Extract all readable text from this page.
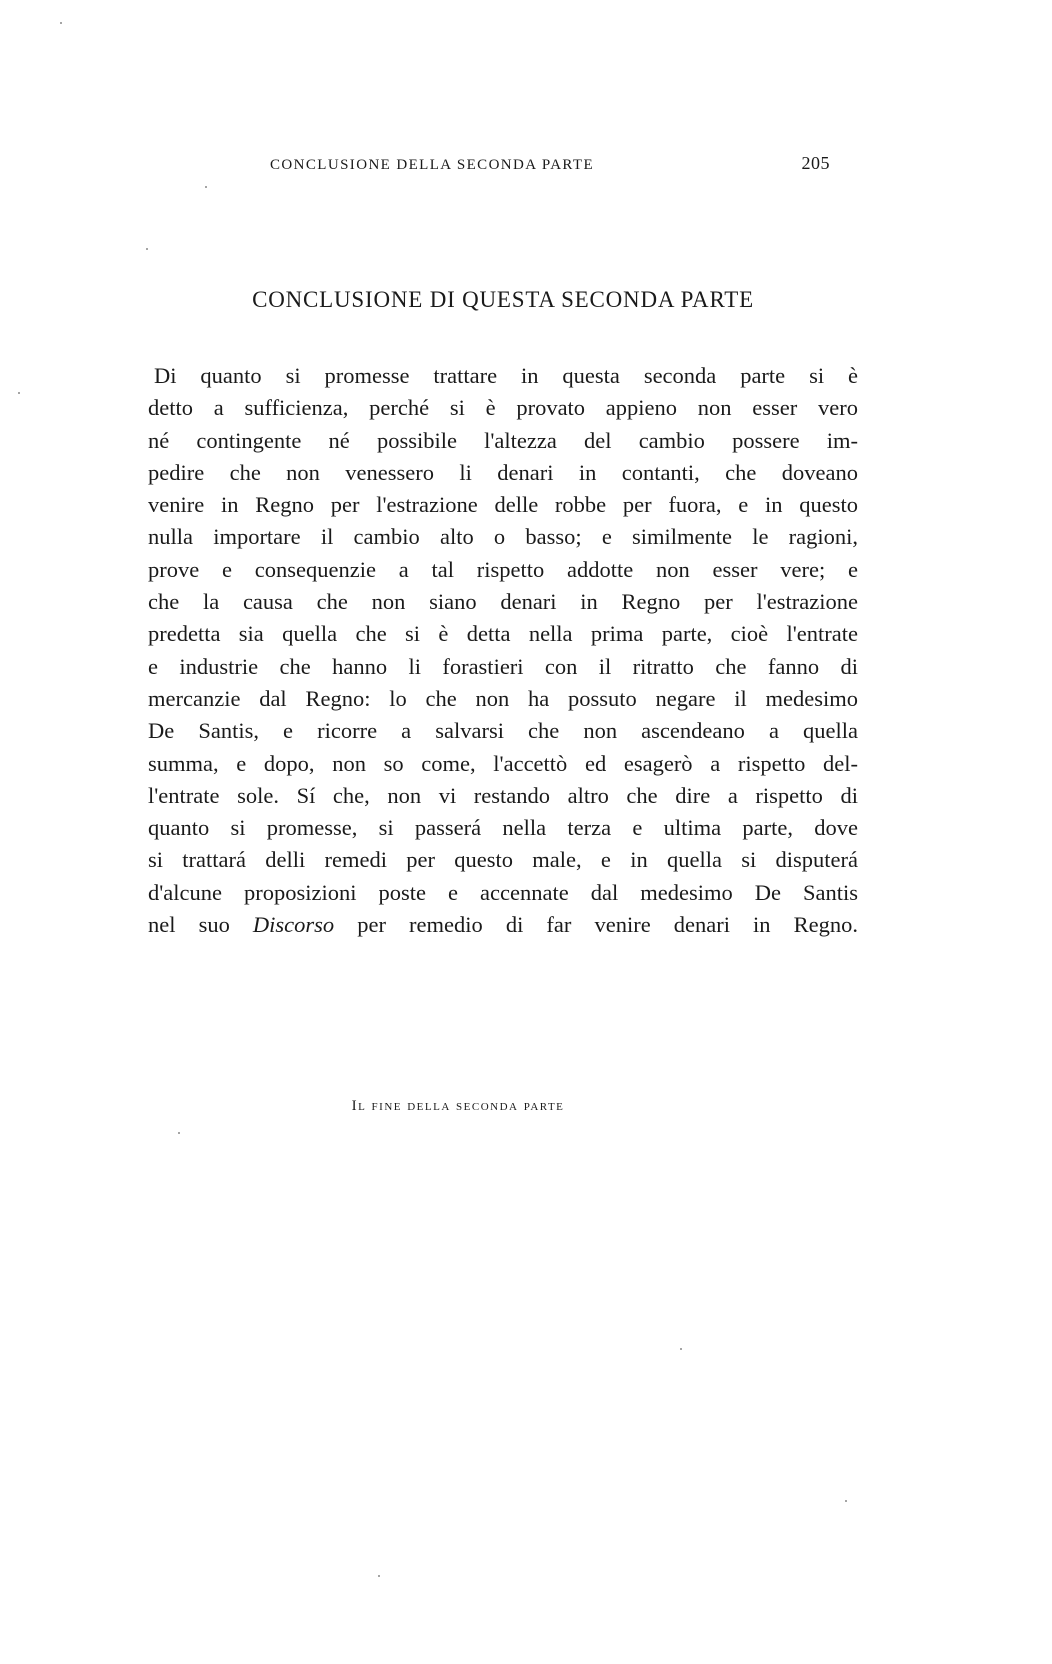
CONCLUSIONE DELLA SECONDA PARTE	205
CONCLUSIONE DI QUESTA SECONDA PARTE
Di quanto si promesse trattare in questa seconda parte si è
detto a sufficienza, perché si è provato appieno non esser vero
né contingente né possibile l'altezza del cambio possere im-
pedire che non venessero li denari in contanti, che doveano
venire in Regno per l'estrazione delle robbe per fuora, e in questo
nulla importare il cambio alto o basso; e similmente le ragioni,
prove e consequenzie a tal rispetto addotte non esser vere; e
che la causa che non siano denari in Regno per l'estrazione
predetta sia quella che si è detta nella prima parte, cioè l'entrate
e industrie che hanno li forastieri con il ritratto che fanno di
mercanzie dal Regno: lo che non ha possuto negare il medesimo
De Santis, e ricorre a salvarsi che non ascendeano a quella
summa, e dopo, non so come, l'accettò ed esagerò a rispetto del-
l'entrate sole. Sí che, non vi restando altro che dire a rispetto di
quanto si promesse, si passerá nella terza e ultima parte, dove
si trattará delli remedi per questo male, e in quella si disputerá
d'alcune proposizioni poste e accennate dal medesimo De Santis
nel suo Discorso per remedio di far venire denari in Regno.
Il fine della seconda parte
